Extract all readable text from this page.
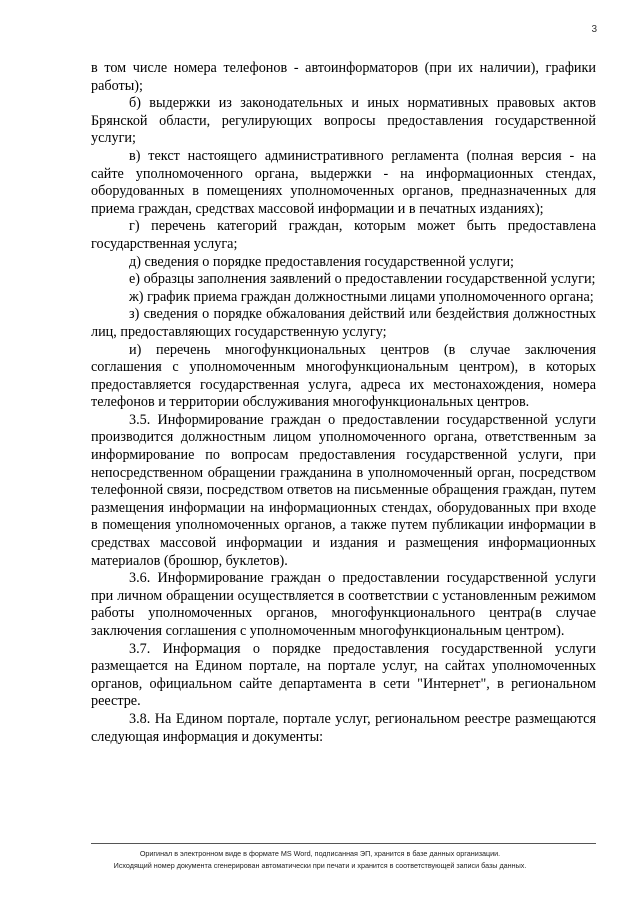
3

в том числе номера телефонов - автоинформаторов (при их наличии), графики работы);

б) выдержки из законодательных и иных нормативных правовых актов Брянской области, регулирующих вопросы предоставления государственной услуги;

в) текст настоящего административного регламента (полная версия - на сайте уполномоченного органа, выдержки - на информационных стендах, оборудованных в помещениях уполномоченных органов, предназначенных для приема граждан, средствах массовой информации и в печатных изданиях);

г) перечень категорий граждан, которым может быть предоставлена государственная услуга;

д) сведения о порядке предоставления государственной услуги;

е) образцы заполнения заявлений о предоставлении государственной услуги;

ж) график приема граждан должностными лицами уполномоченного органа;

з) сведения о порядке обжалования действий или бездействия должностных лиц, предоставляющих государственную услугу;

и) перечень многофункциональных центров (в случае заключения соглашения с уполномоченным многофункциональным центром), в которых предоставляется государственная услуга, адреса их местонахождения, номера телефонов и территории обслуживания многофункциональных центров.

3.5. Информирование граждан о предоставлении государственной услуги производится должностным лицом уполномоченного органа, ответственным за информирование по вопросам предоставления государственной услуги, при непосредственном обращении гражданина в уполномоченный орган, посредством телефонной связи, посредством ответов на письменные обращения граждан, путем размещения информации на информационных стендах, оборудованных при входе в помещения уполномоченных органов, а также путем публикации информации в средствах массовой информации и издания и размещения информационных материалов (брошюр, буклетов).

3.6. Информирование граждан о предоставлении государственной услуги при личном обращении осуществляется в соответствии с установленным режимом работы уполномоченных органов, многофункционального центра(в случае заключения соглашения с уполномоченным многофункциональным центром).

3.7. Информация о порядке предоставления государственной услуги размещается на Едином портале, на портале услуг, на сайтах уполномоченных органов, официальном сайте департамента в сети "Интернет", в региональном реестре.

3.8. На Едином портале, портале услуг, региональном реестре размещаются следующая информация и документы:

Оригинал в электронном виде в формате MS Word, подписанная ЭП, хранится в базе данных организации.
Исходящий номер документа сгенерирован автоматически при печати и хранится в соответствующей записи базы данных.
